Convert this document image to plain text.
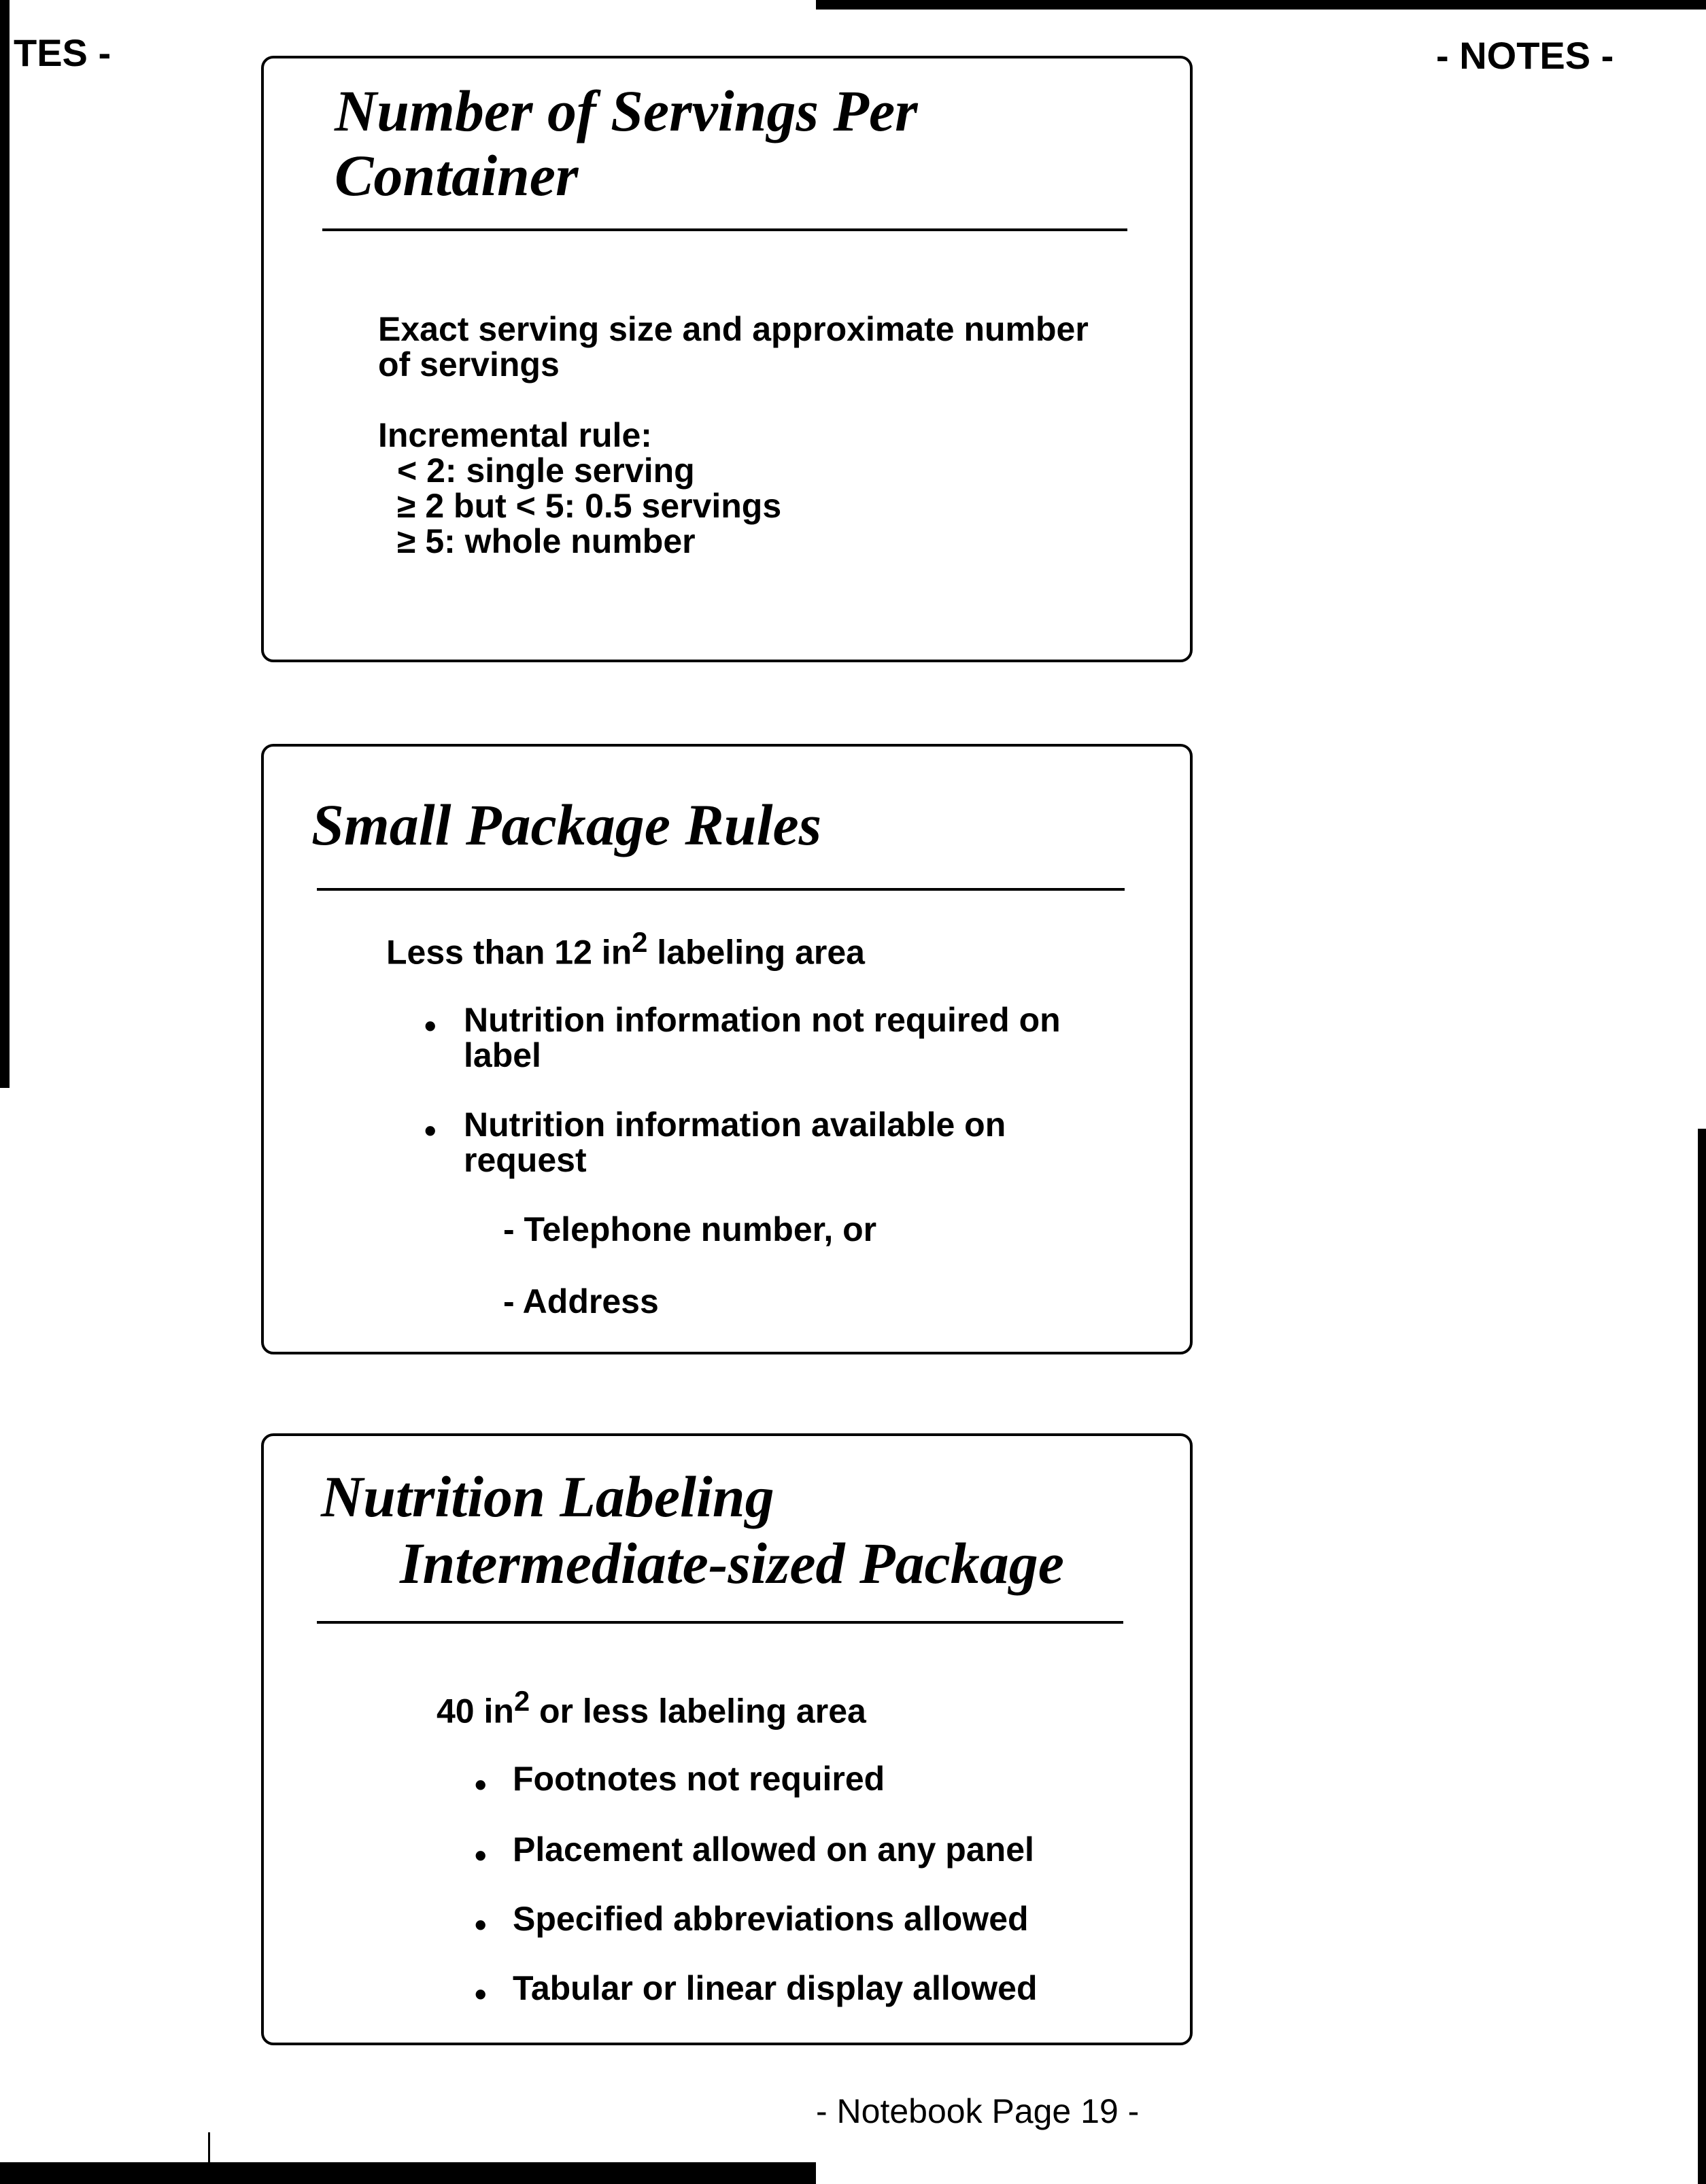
TES -	- NOTES -
Number of Servings Per
Container
Exact serving size and approximate number
of servings
Incremental rule:
< 2: single serving
≥ 2 but < 5: 0.5 servings
≥ 5: whole number
Small Package Rules
Less than 12 $in^2$ labeling area
• Nutrition information not required on
label
• Nutrition information available on
request
- Telephone number, or
- Address
Nutrition Labeling
Intermediate-sized Package
40 $in^2$ or less labeling area
• Footnotes not required
• Placement allowed on any panel
• Specified abbreviations allowed
• Tabular or linear display allowed
- Notebook Page 19 -
